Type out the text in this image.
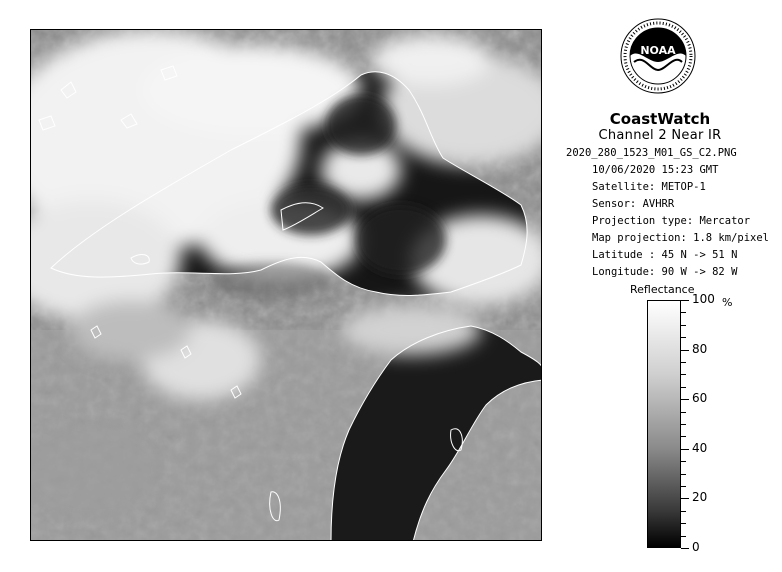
NOAA
CoastWatch
Channel 2 Near IR
2020_280_1523_M01_GS_C2.PNG
10/06/2020 15:23 GMT
Satellite: METOP-1
Sensor: AVHRR
Projection type: Mercator
Map projection: 1.8 km/pixel
Latitude : 45 N -> 51 N
Longitude: 90 W -> 82 W
Reflectance
%
100
80
60
40
20
0
